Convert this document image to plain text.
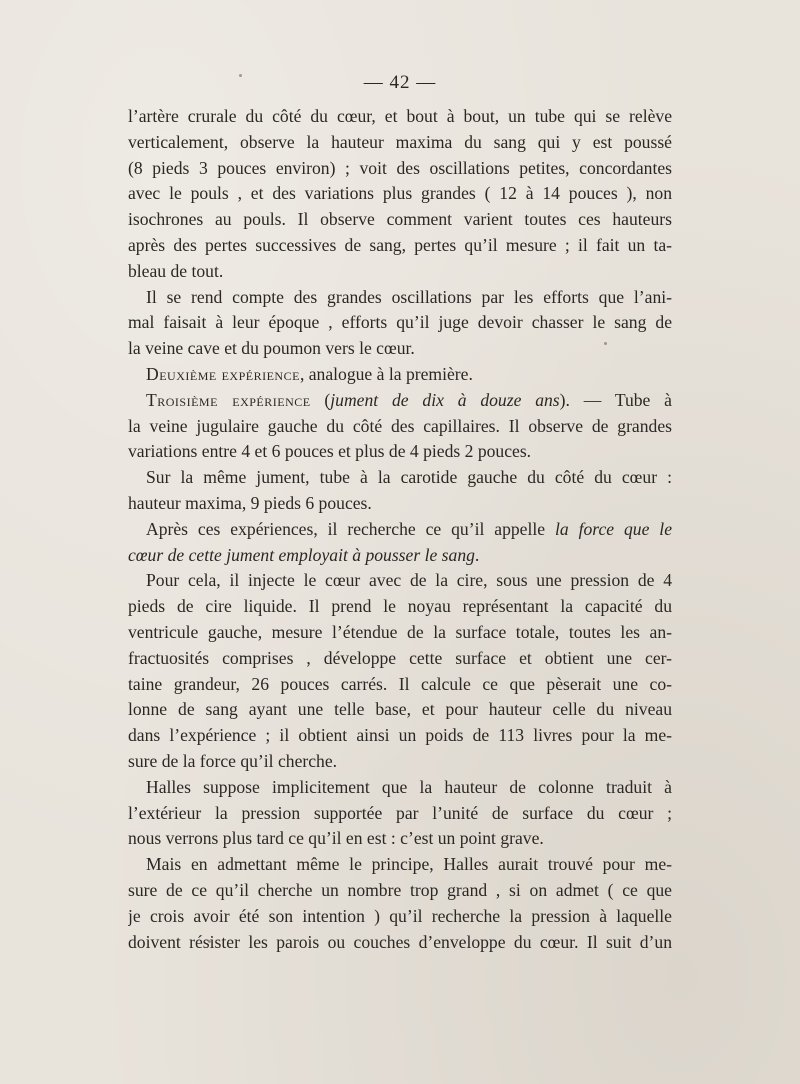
— 42 —
l’artère crurale du côté du cœur, et bout à bout, un tube qui se relève
verticalement, observe la hauteur maxima du sang qui y est poussé
(8 pieds 3 pouces environ) ; voit des oscillations petites, concordantes
avec le pouls , et des variations plus grandes ( 12 à 14 pouces ), non
isochrones au pouls. Il observe comment varient toutes ces hauteurs
après des pertes successives de sang, pertes qu’il mesure ; il fait un ta-
bleau de tout.
Il se rend compte des grandes oscillations par les efforts que l’ani-
mal faisait à leur époque , efforts qu’il juge devoir chasser le sang de
la veine cave et du poumon vers le cœur.
Deuxième expérience, analogue à la première.
Troisième expérience (jument de dix à douze ans). — Tube à
la veine jugulaire gauche du côté des capillaires. Il observe de grandes
variations entre 4 et 6 pouces et plus de 4 pieds 2 pouces.
Sur la même jument, tube à la carotide gauche du côté du cœur :
hauteur maxima, 9 pieds 6 pouces.
Après ces expériences, il recherche ce qu’il appelle la force que le
cœur de cette jument employait à pousser le sang.
Pour cela, il injecte le cœur avec de la cire, sous une pression de 4
pieds de cire liquide. Il prend le noyau représentant la capacité du
ventricule gauche, mesure l’étendue de la surface totale, toutes les an-
fractuosités comprises , développe cette surface et obtient une cer-
taine grandeur, 26 pouces carrés. Il calcule ce que pèserait une co-
lonne de sang ayant une telle base, et pour hauteur celle du niveau
dans l’expérience ; il obtient ainsi un poids de 113 livres pour la me-
sure de la force qu’il cherche.
Halles suppose implicitement que la hauteur de colonne traduit à
l’extérieur la pression supportée par l’unité de surface du cœur ;
nous verrons plus tard ce qu’il en est : c’est un point grave.
Mais en admettant même le principe, Halles aurait trouvé pour me-
sure de ce qu’il cherche un nombre trop grand , si on admet ( ce que
je crois avoir été son intention ) qu’il recherche la pression à laquelle
doivent résister les parois ou couches d’enveloppe du cœur. Il suit d’un
